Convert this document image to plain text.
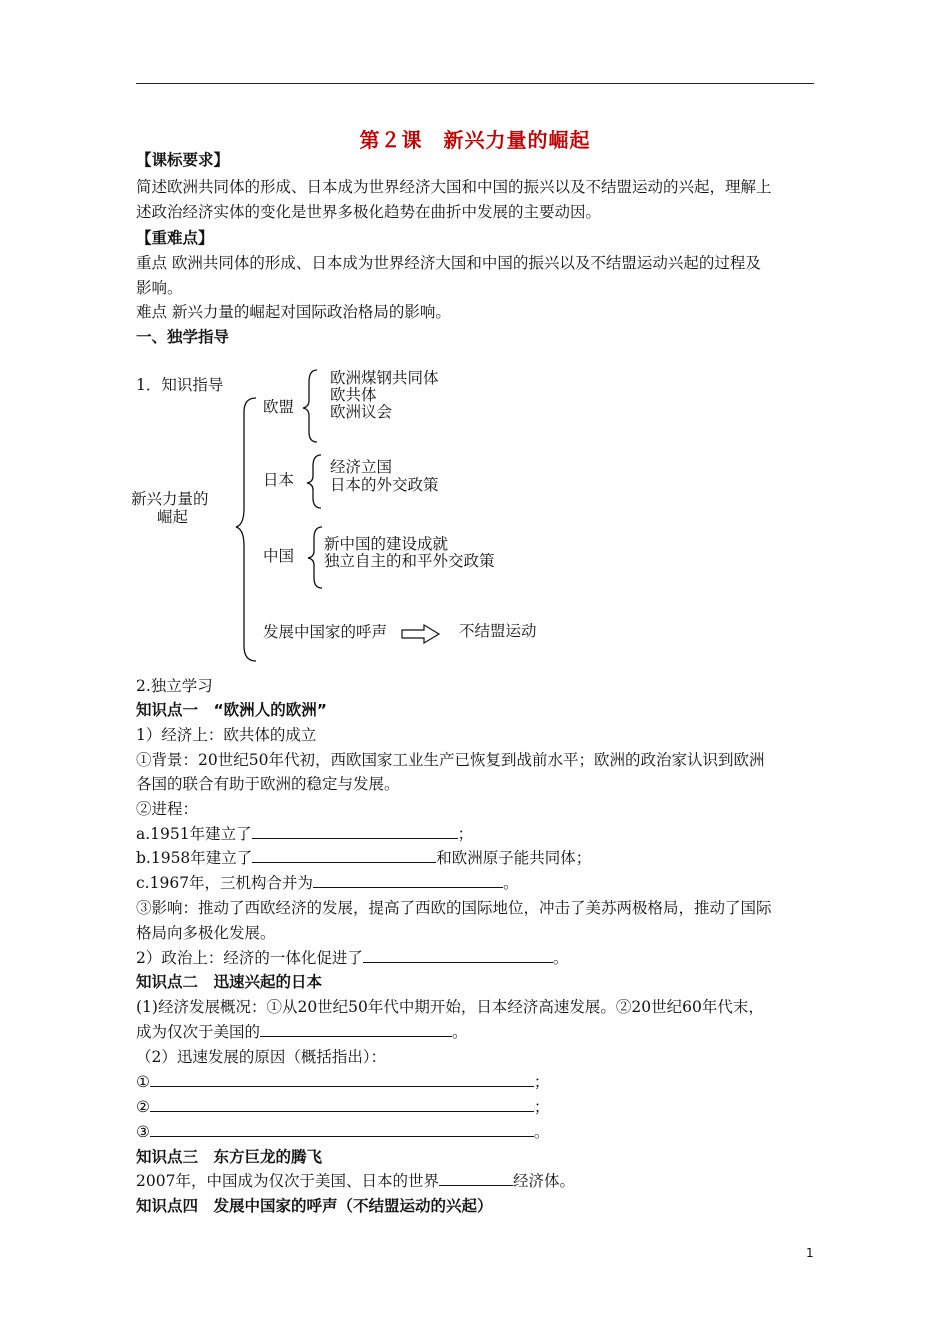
第２课　新兴力量的崛起
【课标要求】
简述欧洲共同体的形成、日本成为世界经济大国和中国的振兴以及不结盟运动的兴起，理解上
述政治经济实体的变化是世界多极化趋势在曲折中发展的主要动因。
【重难点】
重点 欧洲共同体的形成、日本成为世界经济大国和中国的振兴以及不结盟运动兴起的过程及
影响。
难点 新兴力量的崛起对国际政治格局的影响。
一、独学指导
1．知识指导
新兴力量的
崛起
欧盟
欧洲煤钢共同体
欧共体
欧洲议会
日本
经济立国
日本的外交政策
中国
新中国的建设成就
独立自主的和平外交政策
发展中国家的呼声	不结盟运动
2.独立学习
知识点一　“欧洲人的欧洲”
1）经济上：欧共体的成立
①背景：20世纪50年代初，西欧国家工业生产已恢复到战前水平；欧洲的政治家认识到欧洲
各国的联合有助于欧洲的稳定与发展。
②进程：
a.1951年建立了	；
b.1958年建立了	和欧洲原子能共同体；
c.1967年，三机构合并为	。
③影响：推动了西欧经济的发展，提高了西欧的国际地位，冲击了美苏两极格局，推动了国际
格局向多极化发展。
2）政治上：经济的一体化促进了	。
知识点二　迅速兴起的日本
(1)经济发展概况：①从20世纪50年代中期开始，日本经济高速发展。②20世纪60年代末，
成为仅次于美国的	。
（2）迅速发展的原因（概括指出）：
①	；
②	；
③	。
知识点三　东方巨龙的腾飞
2007年，中国成为仅次于美国、日本的世界	经济体。
知识点四　发展中国家的呼声（不结盟运动的兴起）
1
